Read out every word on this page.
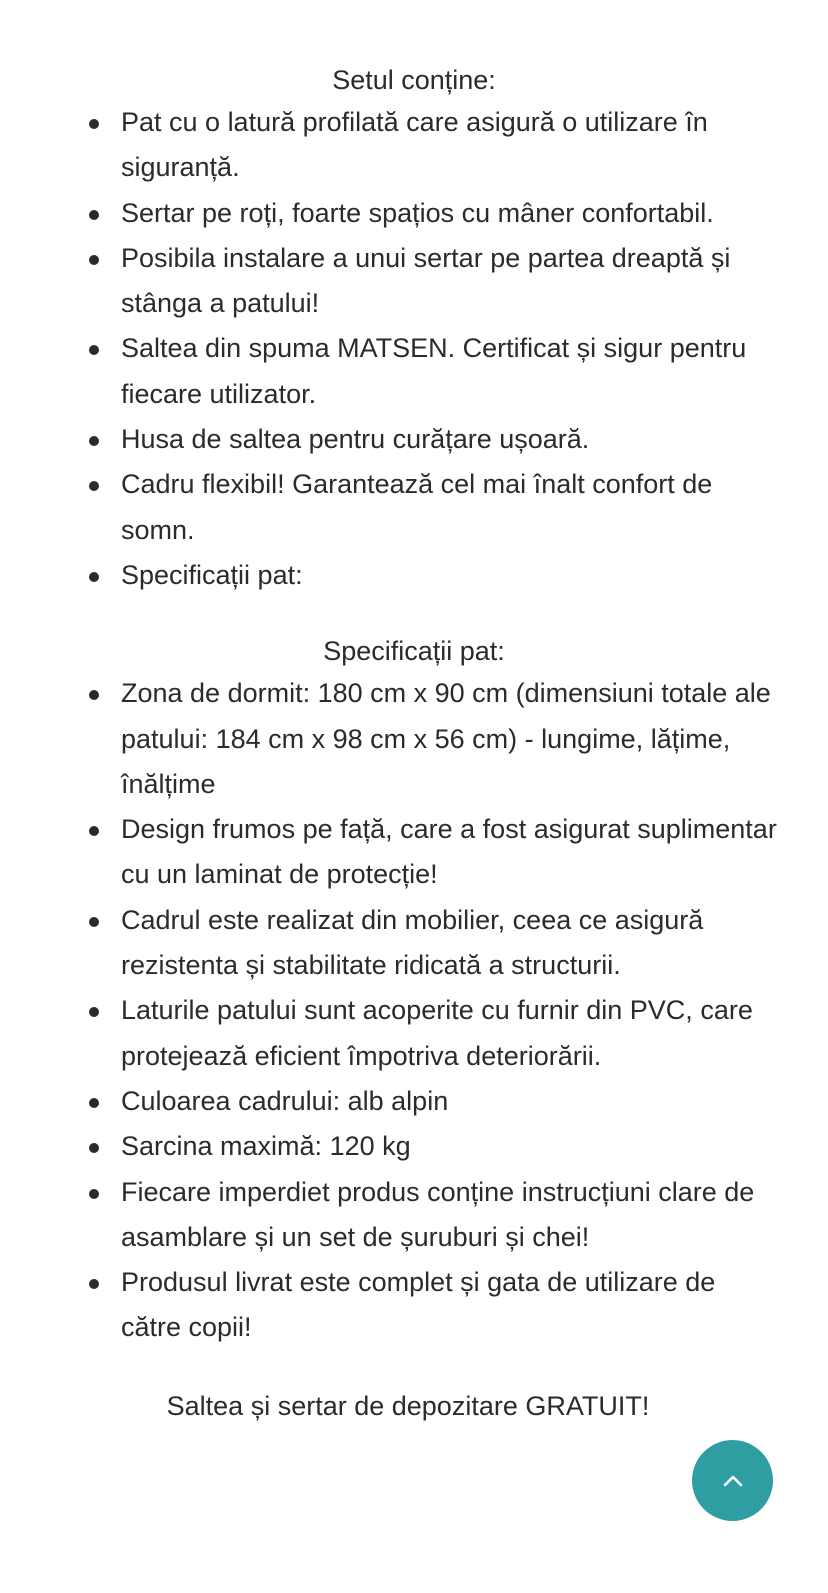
Setul conține:
Pat cu o latură profilată care asigură o utilizare în siguranță.
Sertar pe roți, foarte spațios cu mâner confortabil.
Posibila instalare a unui sertar pe partea dreaptă și stânga a patului!
Saltea din spuma MATSEN. Certificat și sigur pentru fiecare utilizator.
Husa de saltea pentru curățare ușoară.
Cadru flexibil! Garantează cel mai înalt confort de somn.
Specificații pat:
Specificații pat:
Zona de dormit: 180 cm x 90 cm (dimensiuni totale ale patului: 184 cm x 98 cm x 56 cm) - lungime, lățime, înălțime
Design frumos pe față, care a fost asigurat suplimentar cu un laminat de protecție!
Cadrul este realizat din mobilier, ceea ce asigură rezistenta și stabilitate ridicată a structurii.
Laturile patului sunt acoperite cu furnir din PVC, care protejează eficient împotriva deteriorării.
Culoarea cadrului: alb alpin
Sarcina maximă: 120 kg
Fiecare imperdiet produs conține instrucțiuni clare de asamblare și un set de șuruburi și chei!
Produsul livrat este complet și gata de utilizare de către copii!

Saltea și sertar de depozitare GRATUIT!
